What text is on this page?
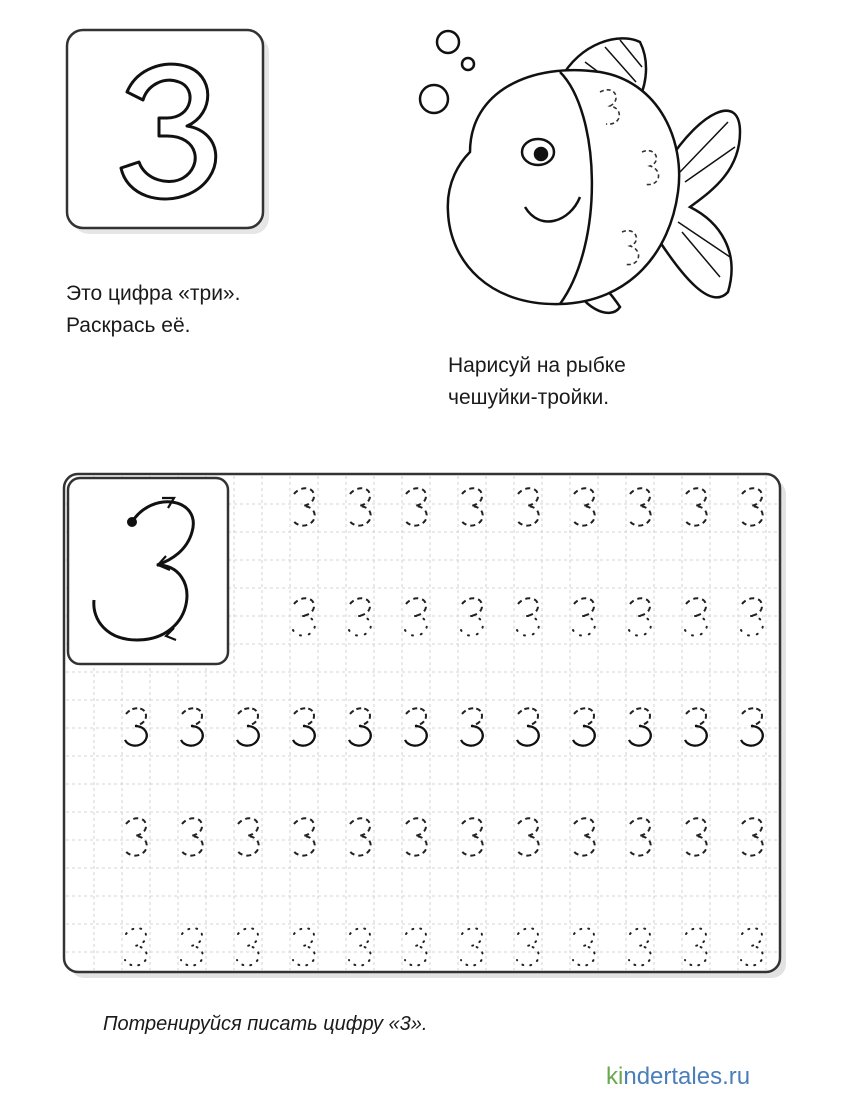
Это цифра «три».
Раскрась её.
Нарисуй на рыбке
чешуйки-тройки.
Потренируйся писать цифру «3».
kindertales.ru
